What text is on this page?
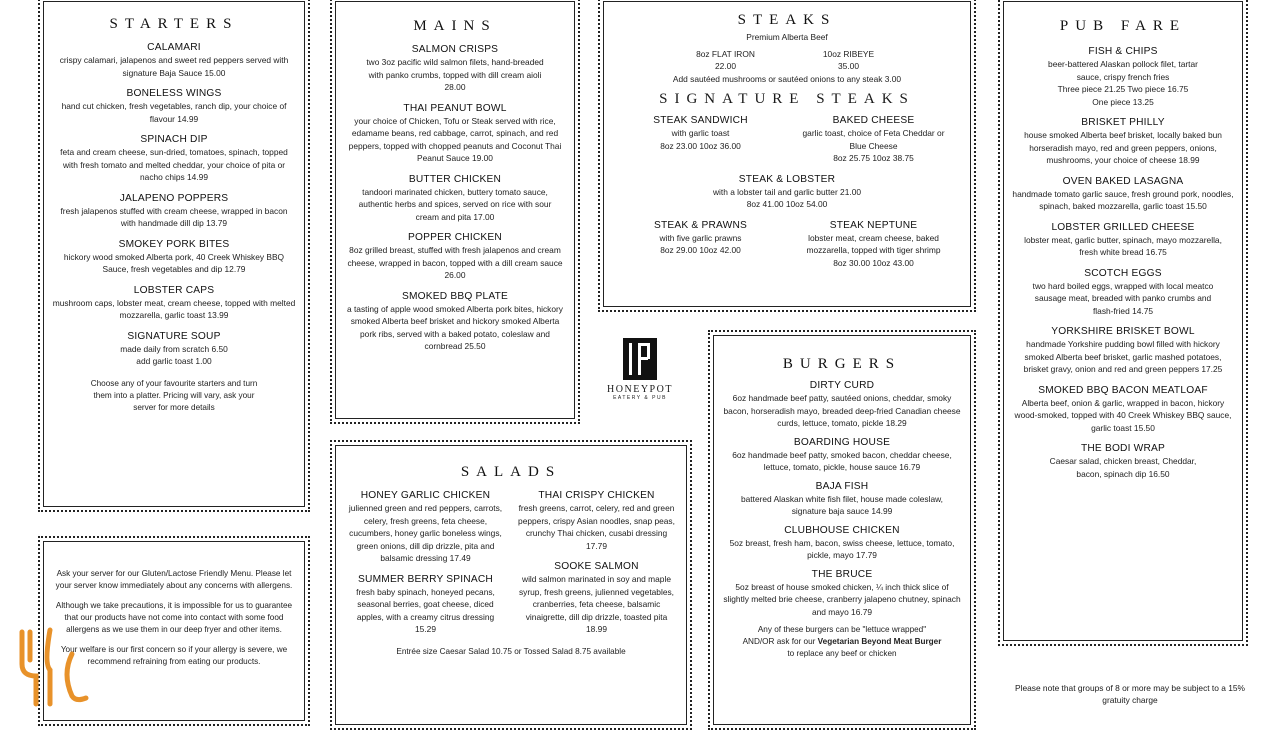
STARTERS
CALAMARI
crispy calamari, jalapenos and sweet red peppers served with signature Baja Sauce 15.00
BONELESS WINGS
hand cut chicken, fresh vegetables, ranch dip, your choice of flavour 14.99
SPINACH DIP
feta and cream cheese, sun-dried, tomatoes, spinach, topped with fresh tomato and melted cheddar, your choice of pita or nacho chips 14.99
JALAPENO POPPERS
fresh jalapenos stuffed with cream cheese, wrapped in bacon with handmade dill dip 13.79
SMOKEY PORK BITES
hickory wood smoked Alberta pork, 40 Creek Whiskey BBQ Sauce, fresh vegetables and dip 12.79
LOBSTER CAPS
mushroom caps, lobster meat, cream cheese, topped with melted mozzarella, garlic toast 13.99
SIGNATURE SOUP
made daily from scratch 6.50
add garlic toast 1.00
Choose any of your favourite starters and turn them into a platter. Pricing will vary, ask your server for more details
Ask your server for our Gluten/Lactose Friendly Menu. Please let your server know immediately about any concerns with allergens.
Although we take precautions, it is impossible for us to guarantee that our products have not come into contact with some food allergens as we use them in our deep fryer and other items.
Your welfare is our first concern so if your allergy is severe, we recommend refraining from eating our products.
MAINS
SALMON CRISPS
two 3oz pacific wild salmon filets, hand-breaded with panko crumbs, topped with dill cream aioli 28.00
THAI PEANUT BOWL
your choice of Chicken, Tofu or Steak served with rice, edamame beans, red cabbage, carrot, spinach, and red peppers, topped with chopped peanuts and Coconut Thai Peanut Sauce 19.00
BUTTER CHICKEN
tandoori marinated chicken, buttery tomato sauce, authentic herbs and spices, served on rice with sour cream and pita 17.00
POPPER CHICKEN
8oz grilled breast, stuffed with fresh jalapenos and cream cheese, wrapped in bacon, topped with a dill cream sauce 26.00
SMOKED BBQ PLATE
a tasting of apple wood smoked Alberta pork bites, hickory smoked Alberta beef brisket and hickory smoked Alberta pork ribs, served with a baked potato, coleslaw and cornbread 25.50
STEAKS
Premium Alberta Beef
8oz FLAT IRON
22.00
10oz RIBEYE
35.00
Add sautéed mushrooms or sautéed onions to any steak 3.00
SIGNATURE STEAKS
STEAK SANDWICH
with garlic toast
8oz 23.00 10oz 36.00
BAKED CHEESE
garlic toast, choice of Feta Cheddar or Blue Cheese
8oz 25.75 10oz 38.75
STEAK & LOBSTER
with a lobster tail and garlic butter 21.00
8oz 41.00 10oz 54.00
STEAK & PRAWNS
with five garlic prawns
8oz 29.00 10oz 42.00
STEAK NEPTUNE
lobster meat, cream cheese, baked mozzarella, topped with tiger shrimp
8oz 30.00 10oz 43.00
HONEYPOT
EATERY & PUB
SALADS
HONEY GARLIC CHICKEN
julienned green and red peppers, carrots, celery, fresh greens, feta cheese, cucumbers, honey garlic boneless wings, green onions, dill dip drizzle, pita and balsamic dressing 17.49
SUMMER BERRY SPINACH
fresh baby spinach, honeyed pecans, seasonal berries, goat cheese, diced apples, with a creamy citrus dressing 15.29
THAI CRISPY CHICKEN
fresh greens, carrot, celery, red and green peppers, crispy Asian noodles, snap peas, crunchy Thai chicken, cusabi dressing 17.79
SOOKE SALMON
wild salmon marinated in soy and maple syrup, fresh greens, julienned vegetables, cranberries, feta cheese, balsamic vinaigrette, dill dip drizzle, toasted pita 18.99
Entrée size Caesar Salad 10.75 or Tossed Salad 8.75 available
BURGERS
DIRTY CURD
6oz handmade beef patty, sautéed onions, cheddar, smoky bacon, horseradish mayo, breaded deep-fried Canadian cheese curds, lettuce, tomato, pickle 18.29
BOARDING HOUSE
6oz handmade beef patty, smoked bacon, cheddar cheese, lettuce, tomato, pickle, house sauce 16.79
BAJA FISH
battered Alaskan white fish filet, house made coleslaw, signature baja sauce 14.99
CLUBHOUSE CHICKEN
5oz breast, fresh ham, bacon, swiss cheese, lettuce, tomato, pickle, mayo 17.79
THE BRUCE
5oz breast of house smoked chicken, ¼ inch thick slice of slightly melted brie cheese, cranberry jalapeno chutney, spinach and mayo 16.79
Any of these burgers can be "lettuce wrapped"
AND/OR ask for our Vegetarian Beyond Meat Burger
to replace any beef or chicken
PUB FARE
FISH & CHIPS
beer-battered Alaskan pollock filet, tartar sauce, crispy french fries
Three piece 21.25 Two piece 16.75
One piece 13.25
BRISKET PHILLY
house smoked Alberta beef brisket, locally baked bun horseradish mayo, red and green peppers, onions, mushrooms, your choice of cheese 18.99
OVEN BAKED LASAGNA
handmade tomato garlic sauce, fresh ground pork, noodles, spinach, baked mozzarella, garlic toast 15.50
LOBSTER GRILLED CHEESE
lobster meat, garlic butter, spinach, mayo mozzarella, fresh white bread 16.75
SCOTCH EGGS
two hard boiled eggs, wrapped with local meatco sausage meat, breaded with panko crumbs and flash-fried 14.75
YORKSHIRE BRISKET BOWL
handmade Yorkshire pudding bowl filled with hickory smoked Alberta beef brisket, garlic mashed potatoes, brisket gravy, onion and red and green peppers 17.25
SMOKED BBQ BACON MEATLOAF
Alberta beef, onion & garlic, wrapped in bacon, hickory wood-smoked, topped with 40 Creek Whiskey BBQ sauce, garlic toast 15.50
THE BODI WRAP
Caesar salad, chicken breast, Cheddar, bacon, spinach dip 16.50
Please note that groups of 8 or more may be subject to a 15% gratuity charge
